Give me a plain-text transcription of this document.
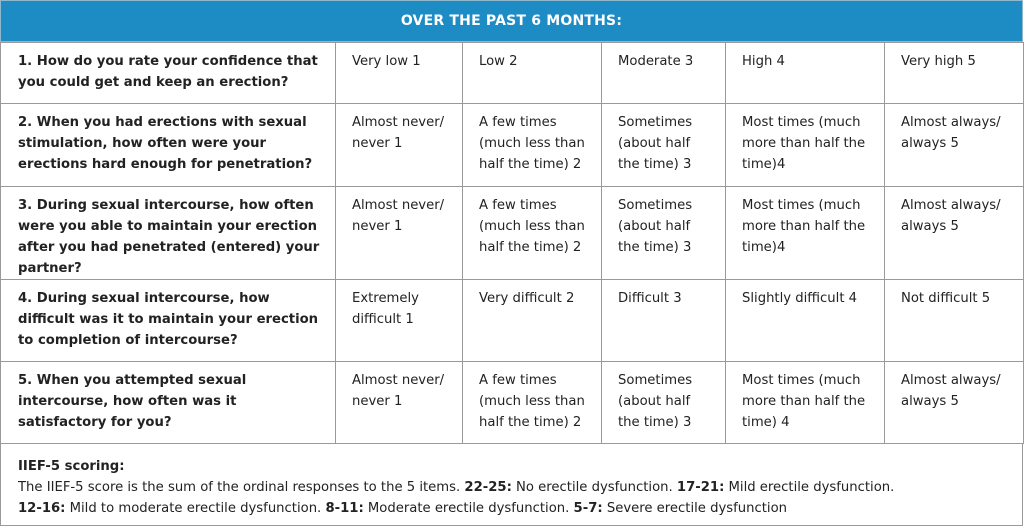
OVER THE PAST 6 MONTHS:
1. How do you rate your confidence that you could get and keep an erection?	Very low 1	Low 2	Moderate 3	High 4	Very high 5
2. When you had erections with sexual stimulation, how often were your erections hard enough for penetration?	Almost never/ never 1	A few times (much less than half the time) 2	Sometimes (about half the time) 3	Most times (much more than half the time)4	Almost always/ always 5
3. During sexual intercourse, how often were you able to maintain your erection after you had penetrated (entered) your partner?	Almost never/ never 1	A few times (much less than half the time) 2	Sometimes (about half the time) 3	Most times (much more than half the time)4	Almost always/ always 5
4. During sexual intercourse, how difficult was it to maintain your erection to completion of intercourse?	Extremely difficult 1	Very difficult 2	Difficult 3	Slightly difficult 4	Not difficult 5
5. When you attempted sexual intercourse, how often was it satisfactory for you?	Almost never/ never 1	A few times (much less than half the time) 2	Sometimes (about half the time) 3	Most times (much more than half the time) 4	Almost always/ always 5
IIEF-5 scoring:
The IIEF-5 score is the sum of the ordinal responses to the 5 items. 22-25: No erectile dysfunction. 17-21: Mild erectile dysfunction.
12-16: Mild to moderate erectile dysfunction. 8-11: Moderate erectile dysfunction. 5-7: Severe erectile dysfunction
